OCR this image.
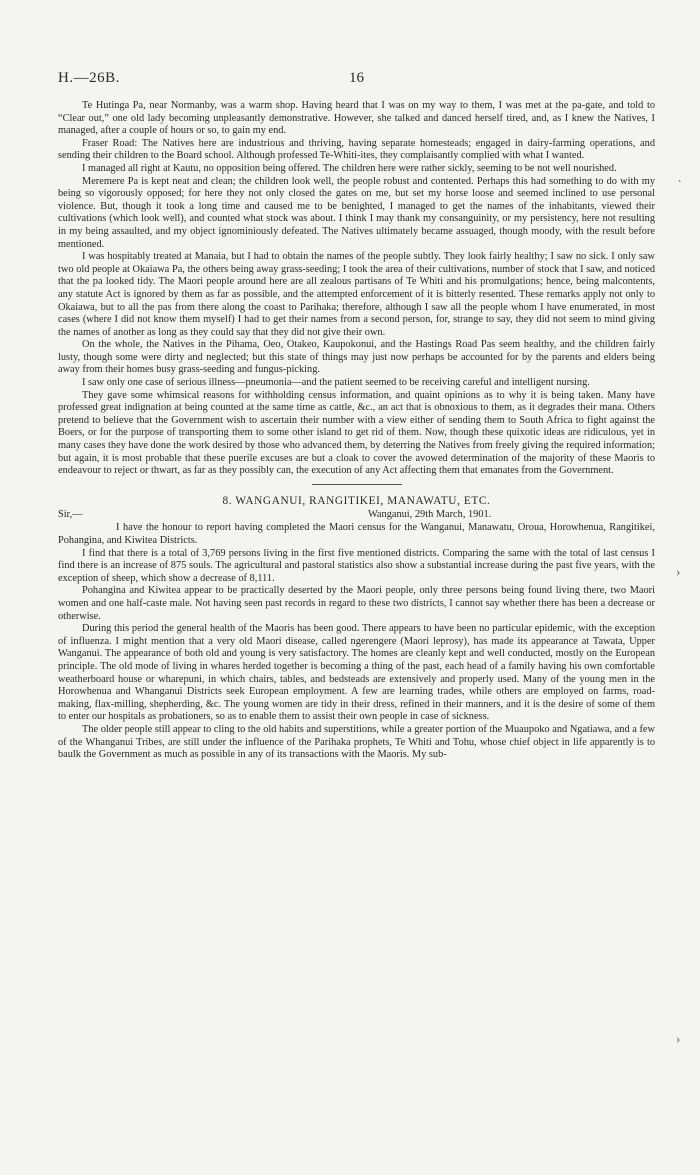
H.—26B.	16

Te Hutinga Pa, near Normanby, was a warm shop. Having heard that I was on my way to them, I was met at the pa-gate, and told to “Clear out,” one old lady becoming unpleasantly demonstrative. However, she talked and danced herself tired, and, as I knew the Natives, I managed, after a couple of hours or so, to gain my end.

Fraser Road: The Natives here are industrious and thriving, having separate homesteads; engaged in dairy-farming operations, and sending their children to the Board school. Although professed Te-Whiti-ites, they complaisantly complied with what I wanted.

I managed all right at Kautu, no opposition being offered. The children here were rather sickly, seeming to be not well nourished.

Meremere Pa is kept neat and clean; the children look well, the people robust and contented. Perhaps this had something to do with my being so vigorously opposed; for here they not only closed the gates on me, but set my horse loose and seemed inclined to use personal violence. But, though it took a long time and caused me to be benighted, I managed to get the names of the inhabitants, viewed their cultivations (which look well), and counted what stock was about. I think I may thank my consanguinity, or my persistency, here not resulting in my being assaulted, and my object ignominiously defeated. The Natives ultimately became assuaged, though moody, with the result before mentioned.

I was hospitably treated at Manaia, but I had to obtain the names of the people subtly. They look fairly healthy; I saw no sick. I only saw two old people at Okaiawa Pa, the others being away grass-seeding; I took the area of their cultivations, number of stock that I saw, and noticed that the pa looked tidy. The Maori people around here are all zealous partisans of Te Whiti and his promulgations; hence, being malcontents, any statute Act is ignored by them as far as possible, and the attempted enforcement of it is bitterly resented. These remarks apply not only to Okaiawa, but to all the pas from there along the coast to Parihaka; therefore, although I saw all the people whom I have enumerated, in most cases (where I did not know them myself) I had to get their names from a second person, for, strange to say, they did not seem to mind giving the names of another as long as they could say that they did not give their own.

On the whole, the Natives in the Pihama, Oeo, Otakeo, Kaupokonui, and the Hastings Road Pas seem healthy, and the children fairly lusty, though some were dirty and neglected; but this state of things may just now perhaps be accounted for by the parents and elders being away from their homes busy grass-seeding and fungus-picking.

I saw only one case of serious illness—pneumonia—and the patient seemed to be receiving careful and intelligent nursing.

They gave some whimsical reasons for withholding census information, and quaint opinions as to why it is being taken. Many have professed great indignation at being counted at the same time as cattle, &c., an act that is obnoxious to them, as it degrades their mana. Others pretend to believe that the Government wish to ascertain their number with a view either of sending them to South Africa to fight against the Boers, or for the purpose of transporting them to some other island to get rid of them. Now, though these quixotic ideas are ridiculous, yet in many cases they have done the work desired by those who advanced them, by deterring the Natives from freely giving the required information; but again, it is most probable that these puerile excuses are but a cloak to cover the avowed determination of the majority of these Maoris to endeavour to reject or thwart, as far as they possibly can, the execution of any Act affecting them that emanates from the Government.

8. WANGANUI, RANGITIKEI, MANAWATU, ETC.
Sir,—	Wanganui, 29th March, 1901.

I have the honour to report having completed the Maori census for the Wanganui, Manawatu, Oroua, Horowhenua, Rangitikei, Pohangina, and Kiwitea Districts.

I find that there is a total of 3,769 persons living in the first five mentioned districts. Comparing the same with the total of last census I find there is an increase of 875 souls. The agricultural and pastoral statistics also show a substantial increase during the past five years, with the exception of sheep, which show a decrease of 8,111.

Pohangina and Kiwitea appear to be practically deserted by the Maori people, only three persons being found living there, two Maori women and one half-caste male. Not having seen past records in regard to these two districts, I cannot say whether there has been a decrease or otherwise.

During this period the general health of the Maoris has been good. There appears to have been no particular epidemic, with the exception of influenza. I might mention that a very old Maori disease, called ngerengere (Maori leprosy), has made its appearance at Tawata, Upper Wanganui. The appearance of both old and young is very satisfactory. The homes are cleanly kept and well conducted, mostly on the European principle. The old mode of living in whares herded together is becoming a thing of the past, each head of a family having his own comfortable weatherboard house or wharepuni, in which chairs, tables, and bedsteads are extensively and properly used. Many of the young men in the Horowhenua and Whanganui Districts seek European employment. A few are learning trades, while others are employed on farms, road-making, flax-milling, shepherding, &c. The young women are tidy in their dress, refined in their manners, and it is the desire of some of them to enter our hospitals as probationers, so as to enable them to assist their own people in case of sickness.

The older people still appear to cling to the old habits and superstitions, while a greater portion of the Muaupoko and Ngatiawa, and a few of the Whanganui Tribes, are still under the influence of the Parihaka prophets, Te Whiti and Tohu, whose chief object in life apparently is to baulk the Government as much as possible in any of its transactions with the Maoris. My sub-

ͺ
›
›
